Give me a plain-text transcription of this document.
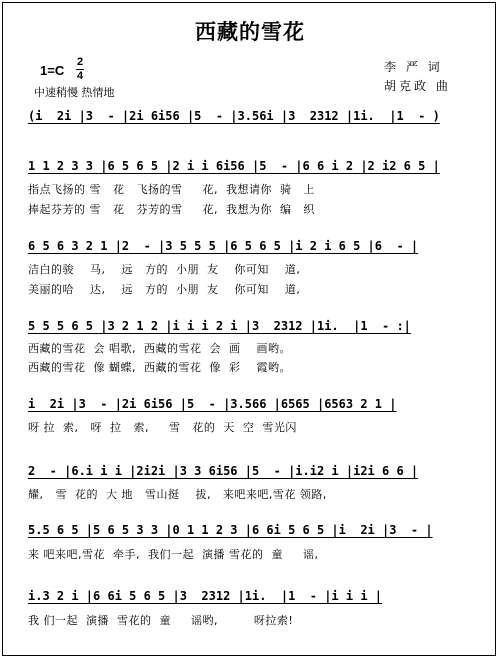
西藏的雪花
1=C
2
4
中速稍慢 热情地
李 严 词
胡克政 曲
(i  2i |3  - |2i 6i56 |5  - |3.56i |3  2312 |1i.  |1  - )
1 1 2 3 3 |6 5 6 5 |2 i i 6i56 |5  - |6 6 i 2 |2 i2 6 5 |
指点飞扬的 雪   花   飞扬的雪     花,  我想请你  骑   上
捧起芬芳的 雪   花   芬芳的雪     花,  我想为你  编   织
6 5 6 3 2 1 |2  - |3 5 5 5 |6 5 6 5 |i 2 i 6 5 |6  - |
洁白的骏    马,    远   方的  小朋  友    你可知    道,
美丽的哈    达,    远   方的  小朋  友    你可知    道,
5 5 5 6 5 |3 2 1 2 |i i i 2 i |3  2312 |1i.  |1  - :|
西藏的雪花  会 唱歌,  西藏的雪花  会  画    画哟。
西藏的雪花  像 蝴蝶,  西藏的雪花  像  彩    霞哟。
i  2i |3  - |2i 6i56 |5  - |3.566 |6565 |6563 2 1 |
呀 拉  索,   呀  拉   索,     雪   花的  天  空  雪光闪
2  - |6.i i i |2i2i |3 3 6i56 |5  - |i.i2 i |i2i 6 6 |
耀,   雪  花的  大 地   雪山挺    拔,   来吧来吧,雪花 领路,
5.5 6 5 |5 6 5 3 3 |0 1 1 2 3 |6 6i 5 6 5 |i  2i |3  - |
来 吧来吧,雪花  牵手,  我们一起  演播 雪花的  童     谣,
i.3 2 i |6 6i 5 6 5 |3  2312 |1i.  |1  - |i i i |
我 们一起  演播  雪花的  童     谣哟,         呀拉索!
